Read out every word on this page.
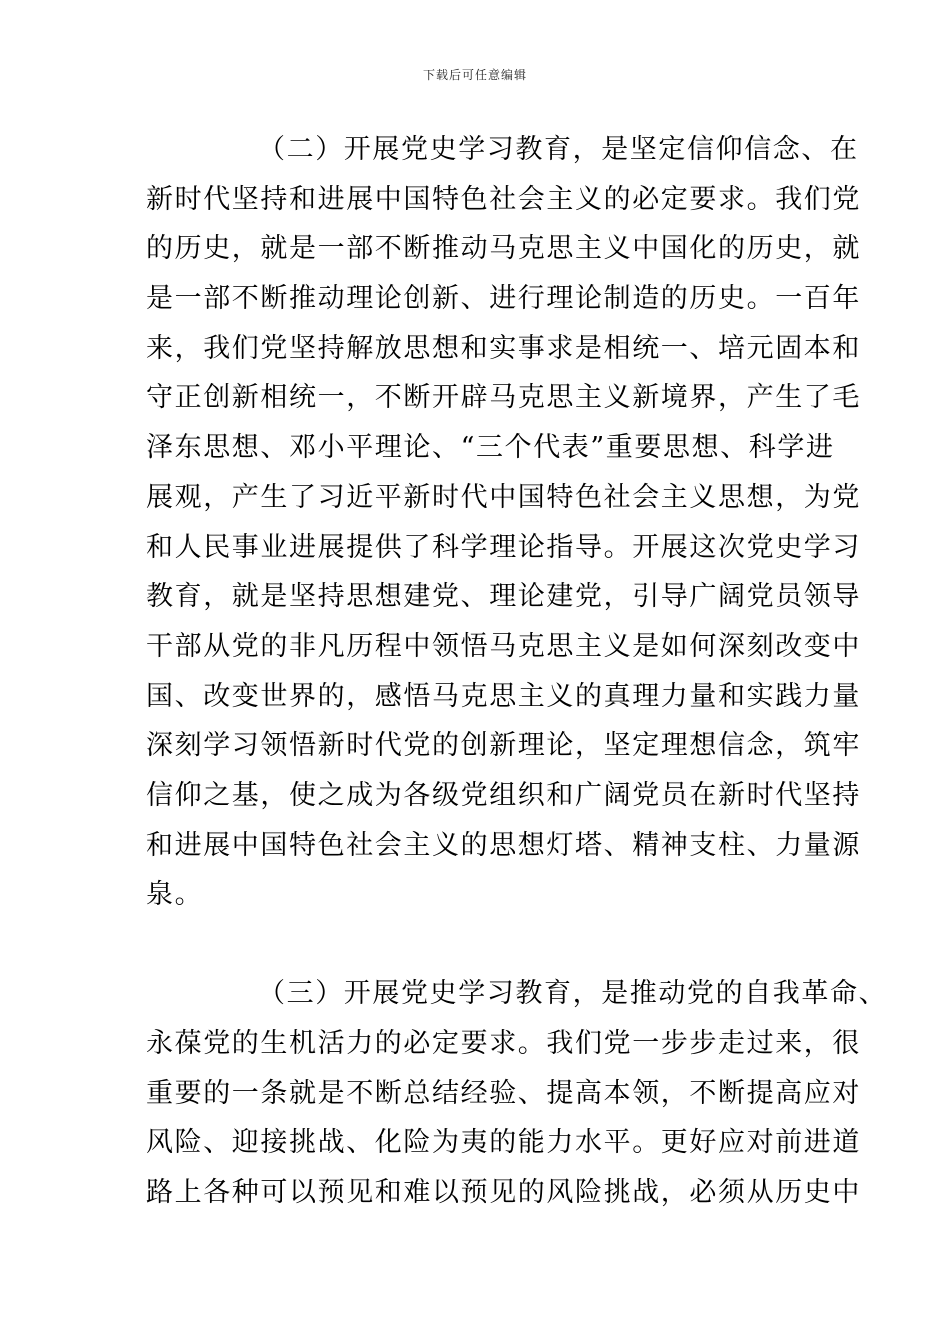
下载后可任意编辑
（二）开展党史学习教育，是坚定信仰信念、在
新时代坚持和进展中国特色社会主义的必定要求。我们党
的历史，就是一部不断推动马克思主义中国化的历史，就
是一部不断推动理论创新、进行理论制造的历史。一百年
来，我们党坚持解放思想和实事求是相统一、培元固本和
守正创新相统一，不断开辟马克思主义新境界，产生了毛
泽东思想、邓小平理论、“三个代表”重要思想、科学进
展观，产生了习近平新时代中国特色社会主义思想，为党
和人民事业进展提供了科学理论指导。开展这次党史学习
教育，就是坚持思想建党、理论建党，引导广阔党员领导
干部从党的非凡历程中领悟马克思主义是如何深刻改变中
国、改变世界的，感悟马克思主义的真理力量和实践力量
深刻学习领悟新时代党的创新理论，坚定理想信念，筑牢
信仰之基，使之成为各级党组织和广阔党员在新时代坚持
和进展中国特色社会主义的思想灯塔、精神支柱、力量源
泉。
（三）开展党史学习教育，是推动党的自我革命、
永葆党的生机活力的必定要求。我们党一步步走过来，很
重要的一条就是不断总结经验、提高本领，不断提高应对
风险、迎接挑战、化险为夷的能力水平。更好应对前进道
路上各种可以预见和难以预见的风险挑战，必须从历史中
